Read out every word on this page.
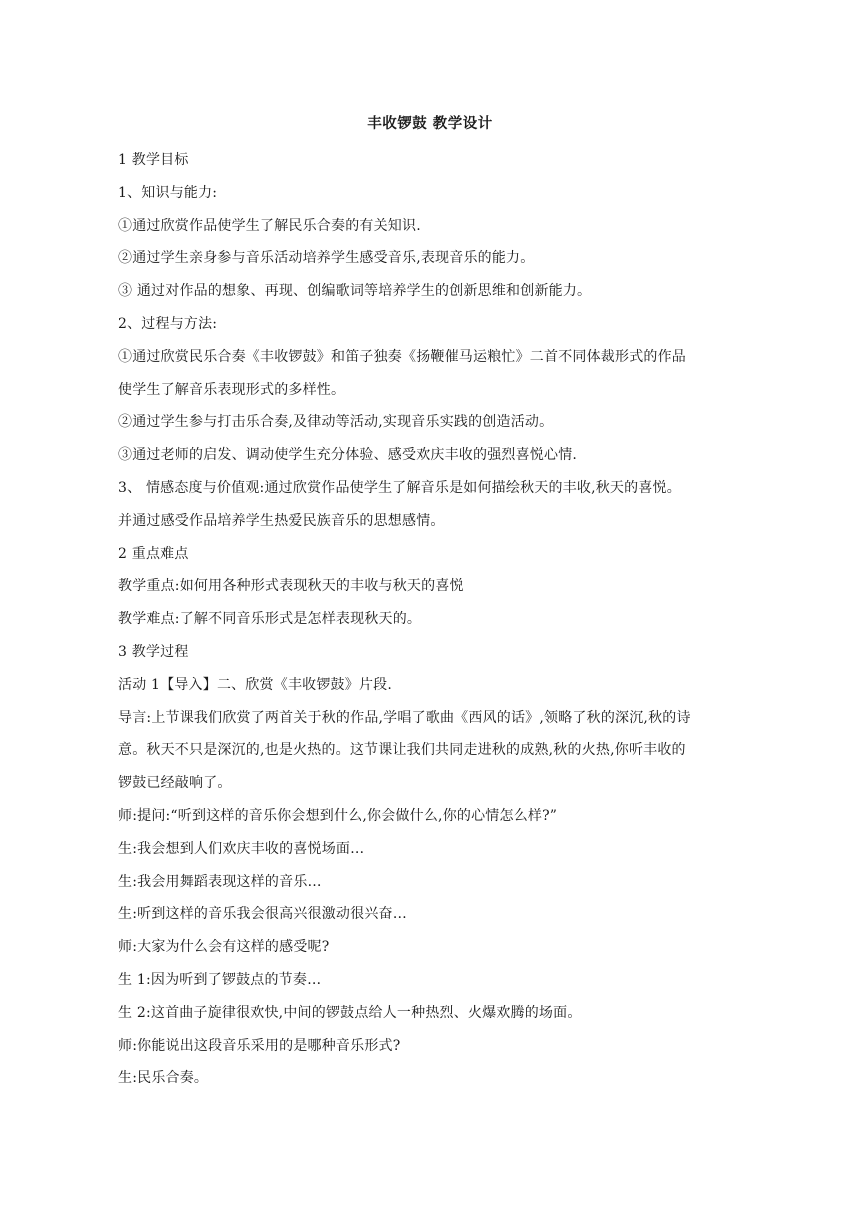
丰收锣鼓 教学设计

1 教学目标

1、知识与能力:

①通过欣赏作品使学生了解民乐合奏的有关知识.

②通过学生亲身参与音乐活动培养学生感受音乐,表现音乐的能力。

③ 通过对作品的想象、再现、创编歌词等培养学生的创新思维和创新能力。

2、过程与方法:

①通过欣赏民乐合奏《丰收锣鼓》和笛子独奏《扬鞭催马运粮忙》二首不同体裁形式的作品

使学生了解音乐表现形式的多样性。

②通过学生参与打击乐合奏,及律动等活动,实现音乐实践的创造活动。

③通过老师的启发、调动使学生充分体验、感受欢庆丰收的强烈喜悦心情.

3、 情感态度与价值观:通过欣赏作品使学生了解音乐是如何描绘秋天的丰收,秋天的喜悦。

并通过感受作品培养学生热爱民族音乐的思想感情。

2 重点难点

教学重点:如何用各种形式表现秋天的丰收与秋天的喜悦

教学难点:了解不同音乐形式是怎样表现秋天的。

3 教学过程

活动 1【导入】二、欣赏《丰收锣鼓》片段.

导言:上节课我们欣赏了两首关于秋的作品,学唱了歌曲《西风的话》,领略了秋的深沉,秋的诗

意。秋天不只是深沉的,也是火热的。这节课让我们共同走进秋的成熟,秋的火热,你听丰收的

锣鼓已经敲响了。

师:提问:“听到这样的音乐你会想到什么,你会做什么,你的心情怎么样?”

生:我会想到人们欢庆丰收的喜悦场面…

生:我会用舞蹈表现这样的音乐…

生:听到这样的音乐我会很高兴很激动很兴奋…

师:大家为什么会有这样的感受呢?

生 1:因为听到了锣鼓点的节奏…

生 2:这首曲子旋律很欢快,中间的锣鼓点给人一种热烈、火爆欢腾的场面。

师:你能说出这段音乐采用的是哪种音乐形式?

生:民乐合奏。
